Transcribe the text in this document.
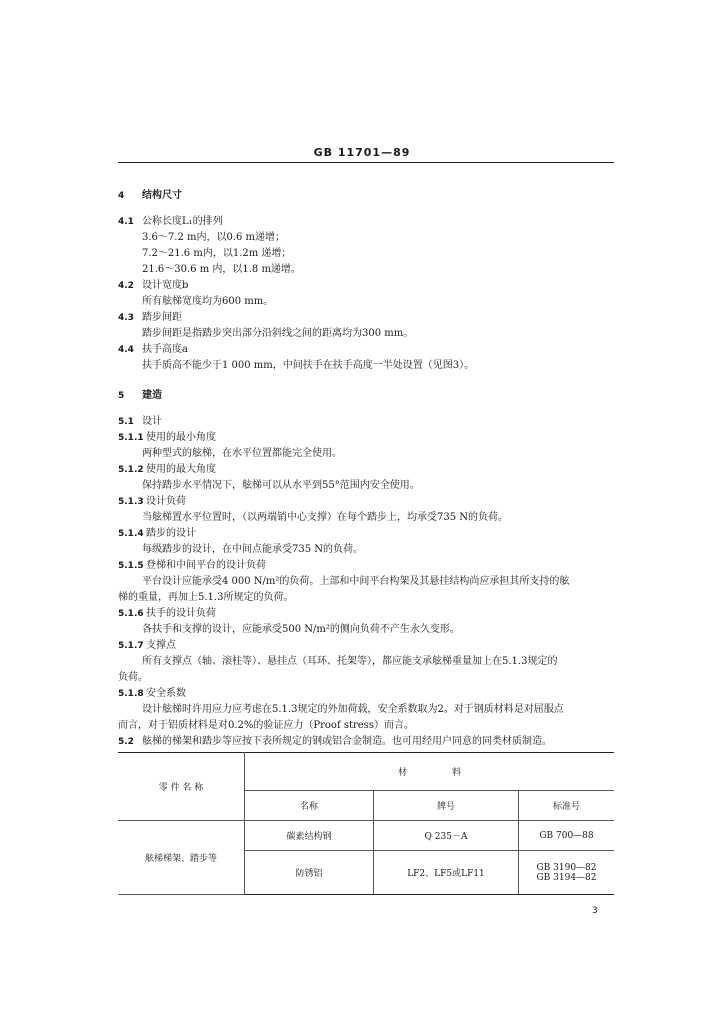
GB 11701—89
4 结构尺寸
4.1 公称长度L₁的排列
3.6～7.2 m内，以0.6 m递增；
7.2～21.6 m内，以1.2m 递增；
21.6～30.6 m 内，以1.8 m递增。
4.2 设计宽度b
所有舷梯宽度均为600 mm。
4.3 踏步间距
踏步间距是指踏步突出部分沿斜线之间的距离均为300 mm。
4.4 扶手高度a
扶手质高不能少于1 000 mm，中间扶手在扶手高度一半处设置（见图3）。
5 建造
5.1 设计
5.1.1 使用的最小角度
两种型式的舷梯，在水平位置都能完全使用。
5.1.2 使用的最大角度
保持踏步水平情况下，舷梯可以从水平到55°范围内安全使用。
5.1.3 设计负荷
当舷梯置水平位置时，（以两端销中心支撑）在每个踏步上，均承受735 N的负荷。
5.1.4 踏步的设计
每级踏步的设计，在中间点能承受735 N的负荷。
5.1.5 登梯和中间平台的设计负荷
平台设计应能承受4 000 N/m²的负荷。上部和中间平台构架及其悬挂结构尚应承担其所支持的舷
梯的重量，再加上5.1.3所规定的负荷。
5.1.6 扶手的设计负荷
各扶手和支撑的设计，应能承受500 N/m²的侧向负荷不产生永久变形。
5.1.7 支撑点
所有支撑点（轴、滚柱等）、悬挂点（耳环、托架等），都应能支承舷梯重量加上在5.1.3规定的
负荷。
5.1.8 安全系数
设计舷梯时许用应力应考虑在5.1.3规定的外加荷载，安全系数取为2。对于钢质材料是对屈服点
而言，对于铝质材料是对0.2%的验证应力（Proof stress）而言。
5.2 舷梯的梯架和踏步等应按下表所规定的钢或铝合金制造。也可用经用户同意的同类材质制造。
零 件 名 称	材　　　　　料		
	名称	牌号	标准号
舷梯梯架、踏步等	碳素结构钢	Q 235－A	GB 700—88

	防锈铝	LF2、LF5或LF11	GB 3190—82
GB 3194—82
3
